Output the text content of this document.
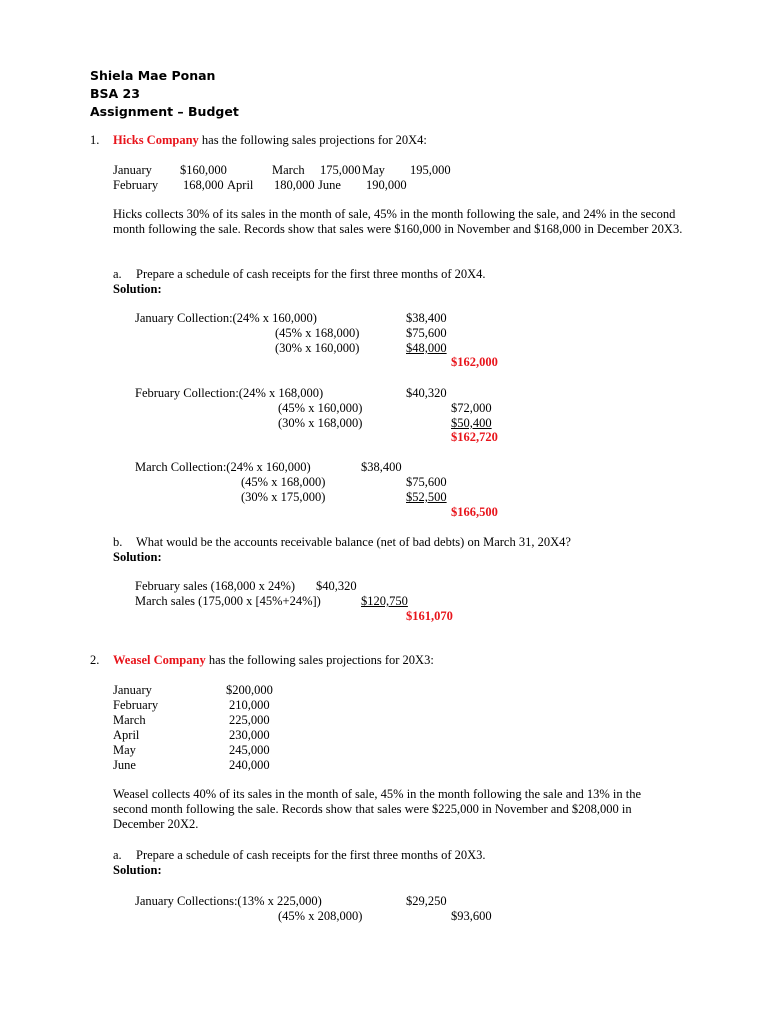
Shiela Mae Ponan
BSA 23
Assignment – Budget
1. Hicks Company has the following sales projections for 20X4:
January $160,000	March 175,000 May 195,000
February 168,000 April 180,000 June 190,000
Hicks collects 30% of its sales in the month of sale, 45% in the month following the sale, and 24% in the second month following the sale. Records show that sales were $160,000 in November and $168,000 in December 20X3.
a. Prepare a schedule of cash receipts for the first three months of 20X4.
Solution:
January Collection:(24% x 160,000)
(45% x 168,000)
(30% x 160,000)
$38,400
$75,600
$48,000
$162,000
February Collection:(24% x 168,000)
(45% x 160,000)
(30% x 168,000)
$40,320
$72,000
$50,400
$162,720
March Collection:(24% x 160,000)
(45% x 168,000)
(30% x 175,000)
$38,400
$75,600
$52,500
$166,500
b. What would be the accounts receivable balance (net of bad debts) on March 31, 20X4?
Solution:
February sales (168,000 x 24%) $40,320
March sales (175,000 x [45%+24%])	$120,750
$161,070
2. Weasel Company has the following sales projections for 20X3:
January
February
March
April
May
June
$200,000
210,000
225,000
230,000
245,000
240,000
Weasel collects 40% of its sales in the month of sale, 45% in the month following the sale and 13% in the second month following the sale. Records show that sales were $225,000 in November and $208,000 in December 20X2.
a. Prepare a schedule of cash receipts for the first three months of 20X3.
Solution:
January Collections:(13% x 225,000)
(45% x 208,000)
$29,250
$93,600
